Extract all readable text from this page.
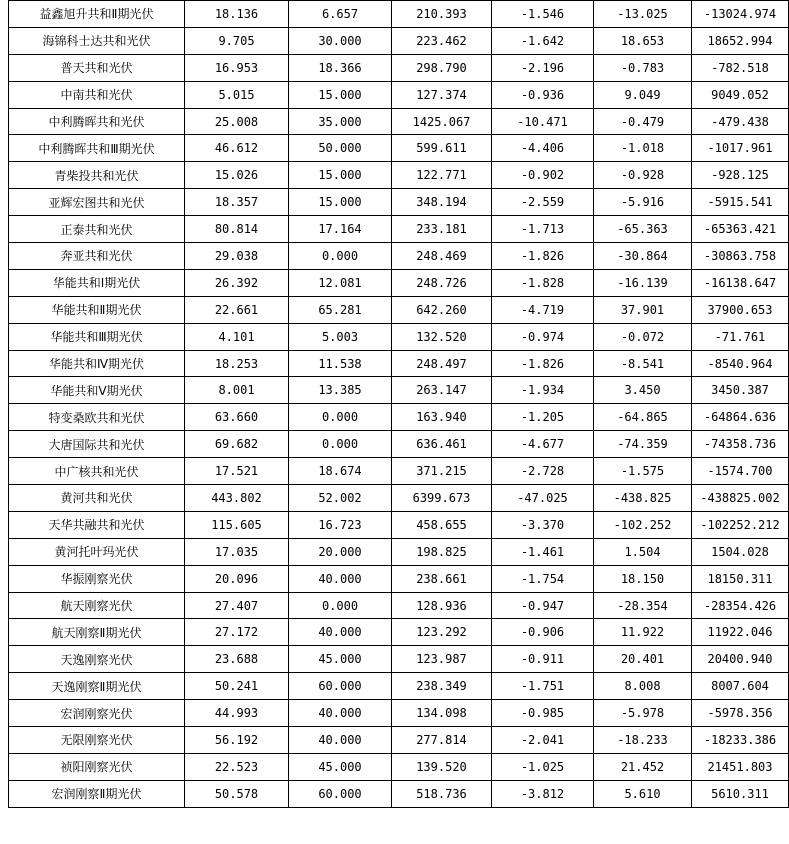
益鑫旭升共和Ⅱ期光伏	18.136	6.657	210.393	-1.546	-13.025	-13024.974
海锦科士达共和光伏	9.705	30.000	223.462	-1.642	18.653	18652.994
普天共和光伏	16.953	18.366	298.790	-2.196	-0.783	-782.518
中南共和光伏	5.015	15.000	127.374	-0.936	9.049	9049.052
中利腾晖共和光伏	25.008	35.000	1425.067	-10.471	-0.479	-479.438
中利腾晖共和Ⅲ期光伏	46.612	50.000	599.611	-4.406	-1.018	-1017.961
青柴投共和光伏	15.026	15.000	122.771	-0.902	-0.928	-928.125
亚辉宏图共和光伏	18.357	15.000	348.194	-2.559	-5.916	-5915.541
正泰共和光伏	80.814	17.164	233.181	-1.713	-65.363	-65363.421
奔亚共和光伏	29.038	0.000	248.469	-1.826	-30.864	-30863.758
华能共和Ⅰ期光伏	26.392	12.081	248.726	-1.828	-16.139	-16138.647
华能共和Ⅱ期光伏	22.661	65.281	642.260	-4.719	37.901	37900.653
华能共和Ⅲ期光伏	4.101	5.003	132.520	-0.974	-0.072	-71.761
华能共和Ⅳ期光伏	18.253	11.538	248.497	-1.826	-8.541	-8540.964
华能共和Ⅴ期光伏	8.001	13.385	263.147	-1.934	3.450	3450.387
特变桑欧共和光伏	63.660	0.000	163.940	-1.205	-64.865	-64864.636
大唐国际共和光伏	69.682	0.000	636.461	-4.677	-74.359	-74358.736
中广核共和光伏	17.521	18.674	371.215	-2.728	-1.575	-1574.700
黄河共和光伏	443.802	52.002	6399.673	-47.025	-438.825	-438825.002
天华共融共和光伏	115.605	16.723	458.655	-3.370	-102.252	-102252.212
黄河托叶玛光伏	17.035	20.000	198.825	-1.461	1.504	1504.028
华振刚察光伏	20.096	40.000	238.661	-1.754	18.150	18150.311
航天刚察光伏	27.407	0.000	128.936	-0.947	-28.354	-28354.426
航天刚察Ⅱ期光伏	27.172	40.000	123.292	-0.906	11.922	11922.046
天逸刚察光伏	23.688	45.000	123.987	-0.911	20.401	20400.940
天逸刚察Ⅱ期光伏	50.241	60.000	238.349	-1.751	8.008	8007.604
宏润刚察光伏	44.993	40.000	134.098	-0.985	-5.978	-5978.356
无限刚察光伏	56.192	40.000	277.814	-2.041	-18.233	-18233.386
祯阳刚察光伏	22.523	45.000	139.520	-1.025	21.452	21451.803
宏润刚察Ⅱ期光伏	50.578	60.000	518.736	-3.812	5.610	5610.311
